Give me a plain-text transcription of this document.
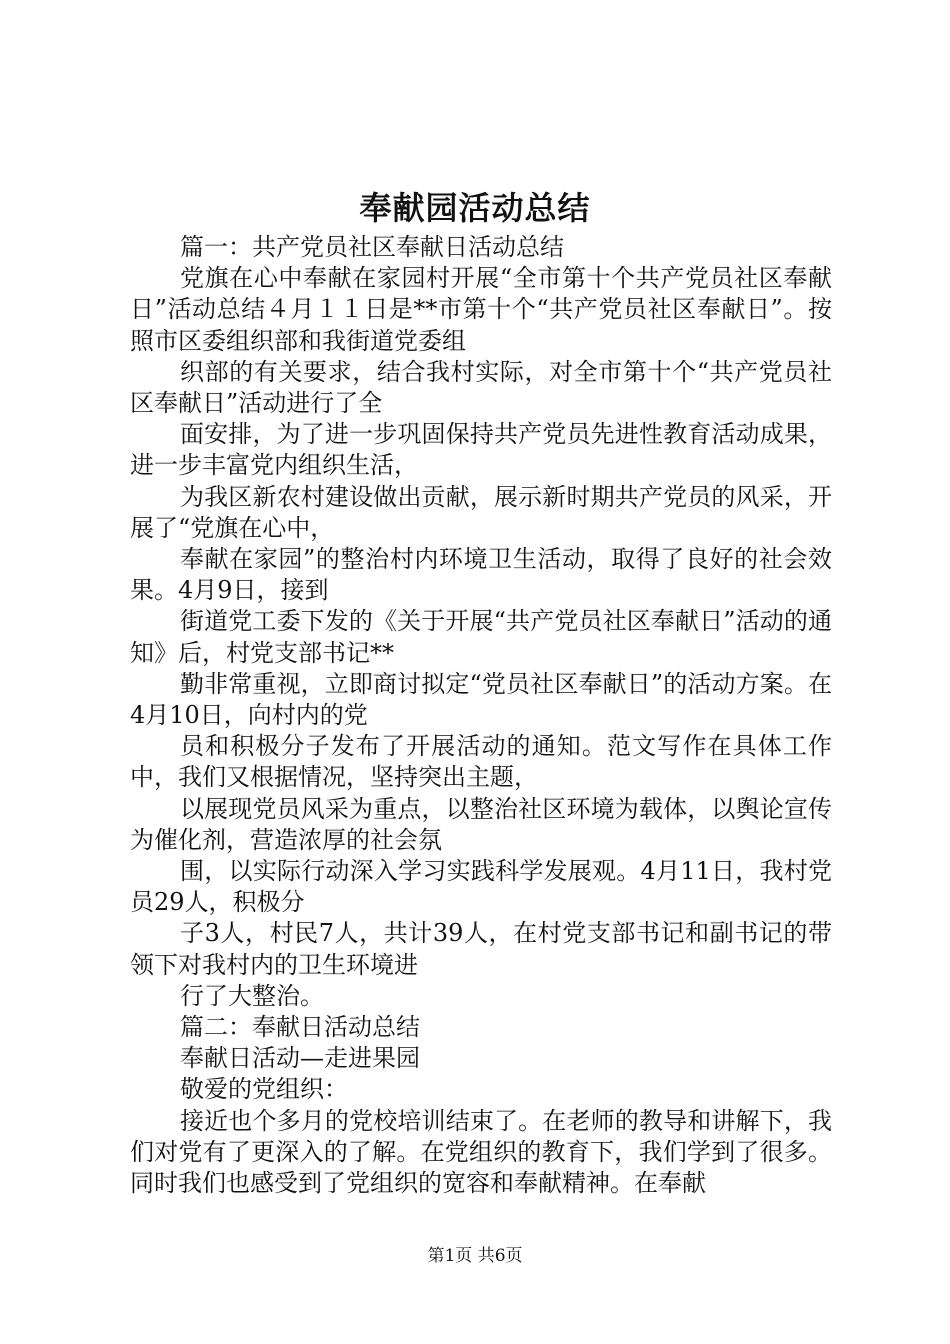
奉献园活动总结

篇一：共产党员社区奉献日活动总结

党旗在心中奉献在家园村开展“全市第十个共产党员社区奉献日”活动总结４月１１日是**市第十个“共产党员社区奉献日”。按照市区委组织部和我街道党委组

织部的有关要求，结合我村实际，对全市第十个“共产党员社区奉献日”活动进行了全

面安排，为了进一步巩固保持共产党员先进性教育活动成果，进一步丰富党内组织生活，

为我区新农村建设做出贡献，展示新时期共产党员的风采，开展了“党旗在心中，

奉献在家园”的整治村内环境卫生活动，取得了良好的社会效果。4月9日，接到

街道党工委下发的《关于开展“共产党员社区奉献日”活动的通知》后，村党支部书记**

勤非常重视，立即商讨拟定“党员社区奉献日”的活动方案。在4月10日，向村内的党

员和积极分子发布了开展活动的通知。范文写作在具体工作中，我们又根据情况，坚持突出主题，

以展现党员风采为重点，以整治社区环境为载体，以舆论宣传为催化剂，营造浓厚的社会氛

围，以实际行动深入学习实践科学发展观。4月11日，我村党员29人，积极分

子3人，村民7人，共计39人，在村党支部书记和副书记的带领下对我村内的卫生环境进

行了大整治。

篇二：奉献日活动总结

奉献日活动—走进果园

敬爱的党组织：

接近也个多月的党校培训结束了。在老师的教导和讲解下，我们对党有了更深入的了解。在党组织的教育下，我们学到了很多。同时我们也感受到了党组织的宽容和奉献精神。在奉献

第1页 共6页
